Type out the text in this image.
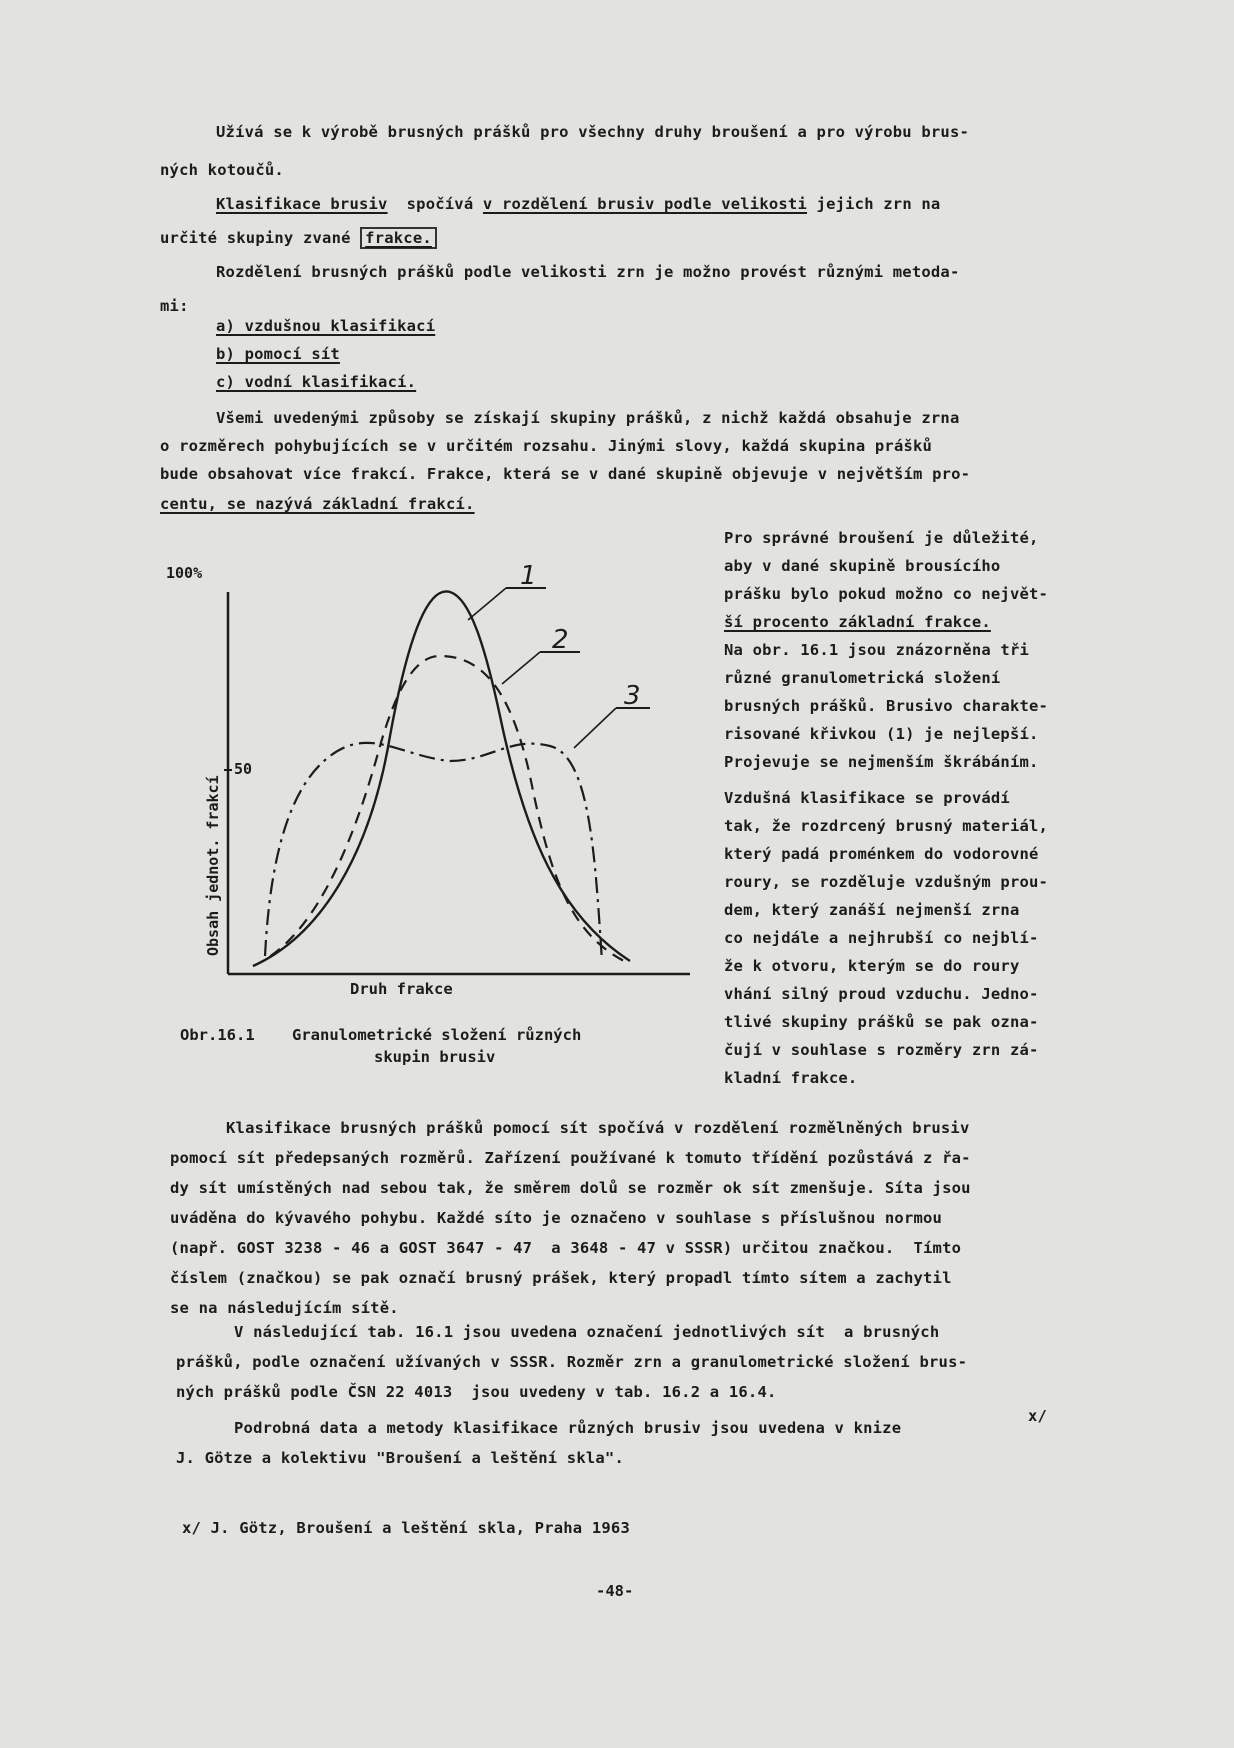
Užívá se k výrobě brusných prášků pro všechny druhy broušení a pro výrobu brus-

ných kotoučů.

Klasifikace brusiv  spočívá v rozdělení brusiv podle velikosti jejich zrn na

určité skupiny zvané frakce.

Rozdělení brusných prášků podle velikosti zrn je možno provést různými metoda-

mi:

a) vzdušnou klasifikací

b) pomocí sít

c) vodní klasifikací.

Všemi uvedenými způsoby se získají skupiny prášků, z nichž každá obsahuje zrna

o rozměrech pohybujících se v určitém rozsahu. Jinými slovy, každá skupina prášků

bude obsahovat více frakcí. Frakce, která se v dané skupině objevuje v největším pro-

centu, se nazývá základní frakcí.

Pro správné broušení je důležité,

aby v dané skupině brousícího

prášku bylo pokud možno co největ-

ší procento základní frakce.

Na obr. 16.1 jsou znázorněna tři

různé granulometrická složení

brusných prášků. Brusivo charakte-

risované křivkou (1) je nejlepší.

Projevuje se nejmenším škrábáním.

Vzdušná klasifikace se provádí

tak, že rozdrcený brusný materiál,

který padá proménkem do vodorovné

roury, se rozděluje vzdušným prou-

dem, který zanáší nejmenší zrna

co nejdále a nejhrubší co nejblí-

že k otvoru, kterým se do roury

vhání silný proud vzduchu. Jedno-

tlivé skupiny prášků se pak ozna-

čují v souhlase s rozměry zrn zá-

kladní frakce.

100%
50
Obsah jednot. frakcí
1
2
3
Druh frakce
Obr.16.1 Granulometrické složení různých
skupin brusiv

Klasifikace brusných prášků pomocí sít spočívá v rozdělení rozmělněných brusiv

pomocí sít předepsaných rozměrů. Zařízení používané k tomuto třídění pozůstává z řa-

dy sít umístěných nad sebou tak, že směrem dolů se rozměr ok sít zmenšuje. Síta jsou

uváděna do kývavého pohybu. Každé síto je označeno v souhlase s příslušnou normou

(např. GOST 3238 - 46 a GOST 3647 - 47  a 3648 - 47 v SSSR) určitou značkou.  Tímto

číslem (značkou) se pak označí brusný prášek, který propadl tímto sítem a zachytil

se na následujícím sítě.

V následující tab. 16.1 jsou uvedena označení jednotlivých sít  a brusných

prášků, podle označení užívaných v SSSR. Rozměr zrn a granulometrické složení brus-

ných prášků podle ČSN 22 4013  jsou uvedeny v tab. 16.2 a 16.4.

Podrobná data a metody klasifikace různých brusiv jsou uvedena v knize

x/

J. Götze a kolektivu "Broušení a leštění skla".

x/ J. Götz, Broušení a leštění skla, Praha 1963

-48-
